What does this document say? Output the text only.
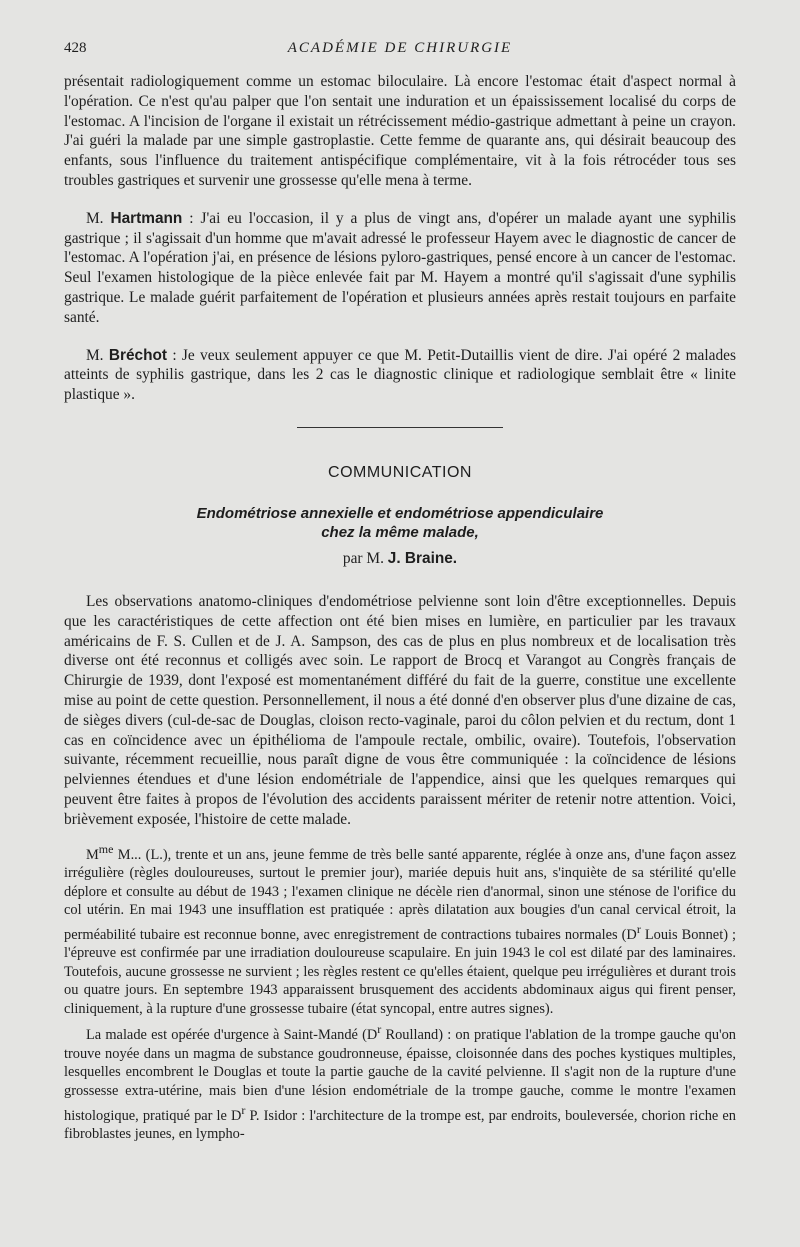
428	ACADÉMIE DE CHIRURGIE

présentait radiologiquement comme un estomac biloculaire. Là encore l'estomac était d'aspect normal à l'opération. Ce n'est qu'au palper que l'on sentait une induration et un épaississement localisé du corps de l'estomac. A l'incision de l'organe il existait un rétrécissement médio-gastrique admettant à peine un crayon. J'ai guéri la malade par une simple gastroplastie. Cette femme de quarante ans, qui désirait beaucoup des enfants, sous l'influence du traitement antispécifique complémentaire, vit à la fois rétrocéder tous ses troubles gastriques et survenir une grossesse qu'elle mena à terme.

M. Hartmann : J'ai eu l'occasion, il y a plus de vingt ans, d'opérer un malade ayant une syphilis gastrique ; il s'agissait d'un homme que m'avait adressé le professeur Hayem avec le diagnostic de cancer de l'estomac. A l'opération j'ai, en présence de lésions pyloro-gastriques, pensé encore à un cancer de l'estomac. Seul l'examen histologique de la pièce enlevée fait par M. Hayem a montré qu'il s'agissait d'une syphilis gastrique. Le malade guérit parfaitement de l'opération et plusieurs années après restait toujours en parfaite santé.

M. Bréchot : Je veux seulement appuyer ce que M. Petit-Dutaillis vient de dire. J'ai opéré 2 malades atteints de syphilis gastrique, dans les 2 cas le diagnostic clinique et radiologique semblait être « linite plastique ».

COMMUNICATION
Endométriose annexielle et endométriose appendiculaire
chez la même malade,
par M. J. Braine.

Les observations anatomo-cliniques d'endométriose pelvienne sont loin d'être exceptionnelles. Depuis que les caractéristiques de cette affection ont été bien mises en lumière, en particulier par les travaux américains de F. S. Cullen et de J. A. Sampson, des cas de plus en plus nombreux et de localisation très diverse ont été reconnus et colligés avec soin. Le rapport de Brocq et Varangot au Congrès français de Chirurgie de 1939, dont l'exposé est momentanément différé du fait de la guerre, constitue une excellente mise au point de cette question. Personnellement, il nous a été donné d'en observer plus d'une dizaine de cas, de sièges divers (cul-de-sac de Douglas, cloison recto-vaginale, paroi du côlon pelvien et du rectum, dont 1 cas en coïncidence avec un épithélioma de l'ampoule rectale, ombilic, ovaire). Toutefois, l'observation suivante, récemment recueillie, nous paraît digne de vous être communiquée : la coïncidence de lésions pelviennes étendues et d'une lésion endométriale de l'appendice, ainsi que les quelques remarques qui peuvent être faites à propos de l'évolution des accidents paraissent mériter de retenir notre attention. Voici, brièvement exposée, l'histoire de cette malade.

$M^{me}$ M... (L.), trente et un ans, jeune femme de très belle santé apparente, réglée à onze ans, d'une façon assez irrégulière (règles douloureuses, surtout le premier jour), mariée depuis huit ans, s'inquiète de sa stérilité qu'elle déplore et consulte au début de 1943 ; l'examen clinique ne décèle rien d'anormal, sinon une sténose de l'orifice du col utérin. En mai 1943 une insufflation est pratiquée : après dilatation aux bougies d'un canal cervical étroit, la perméabilité tubaire est reconnue bonne, avec enregistrement de contractions tubaires normales ($D^r$ Louis Bonnet) ; l'épreuve est confirmée par une irradiation douloureuse scapulaire. En juin 1943 le col est dilaté par des laminaires. Toutefois, aucune grossesse ne survient ; les règles restent ce qu'elles étaient, quelque peu irrégulières et durant trois ou quatre jours. En septembre 1943 apparaissent brusquement des accidents abdominaux aigus qui firent penser, cliniquement, à la rupture d'une grossesse tubaire (état syncopal, entre autres signes).

La malade est opérée d'urgence à Saint-Mandé ($D^r$ Roulland) : on pratique l'ablation de la trompe gauche qu'on trouve noyée dans un magma de substance goudronneuse, épaisse, cloisonnée dans des poches kystiques multiples, lesquelles encombrent le Douglas et toute la partie gauche de la cavité pelvienne. Il s'agit non de la rupture d'une grossesse extra-utérine, mais bien d'une lésion endométriale de la trompe gauche, comme le montre l'examen histologique, pratiqué par le $D^r$ P. Isidor : l'architecture de la trompe est, par endroits, bouleversée, chorion riche en fibroblastes jeunes, en lympho-
